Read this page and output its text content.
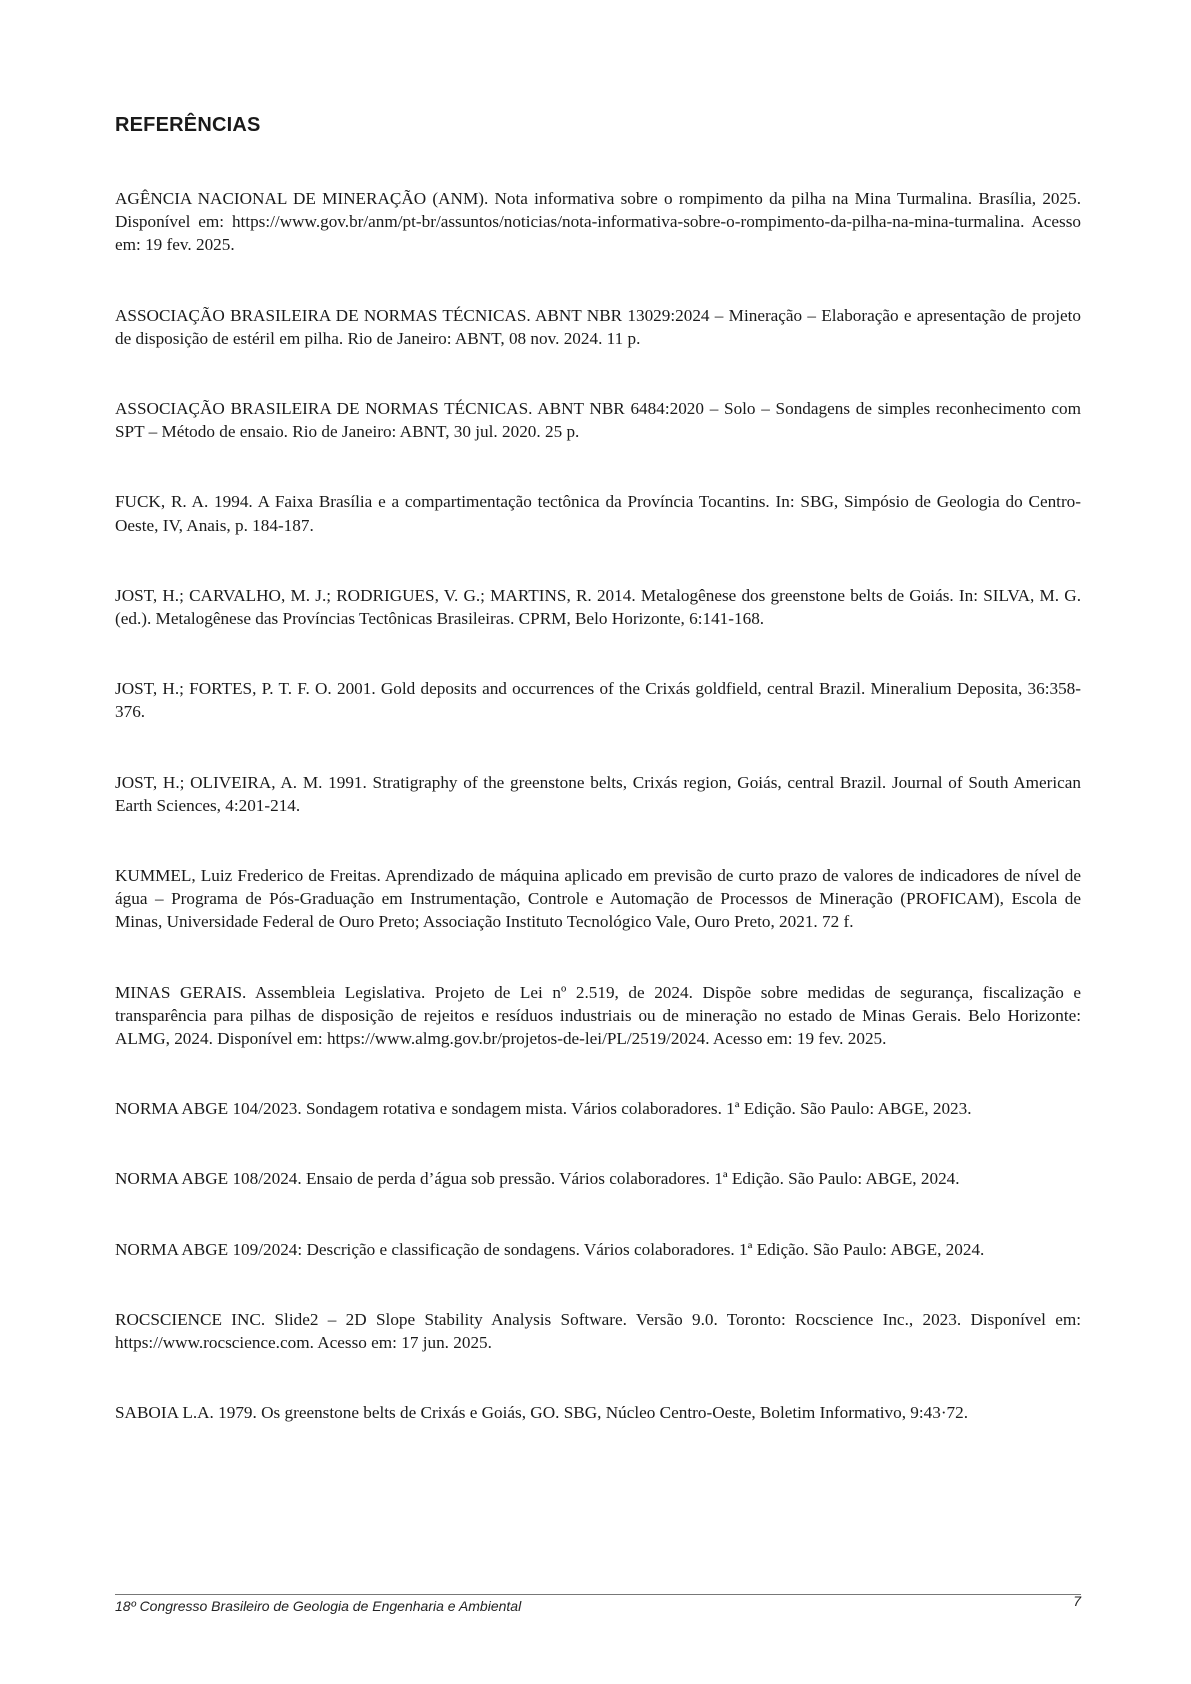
REFERÊNCIAS
AGÊNCIA NACIONAL DE MINERAÇÃO (ANM). Nota informativa sobre o rompimento da pilha na Mina Turmalina. Brasília, 2025. Disponível em: https://www.gov.br/anm/pt-br/assuntos/noticias/nota-informativa-sobre-o-rompimento-da-pilha-na-mina-turmalina. Acesso em: 19 fev. 2025.
ASSOCIAÇÃO BRASILEIRA DE NORMAS TÉCNICAS. ABNT NBR 13029:2024 – Mineração – Elaboração e apresentação de projeto de disposição de estéril em pilha. Rio de Janeiro: ABNT, 08 nov. 2024. 11 p.
ASSOCIAÇÃO BRASILEIRA DE NORMAS TÉCNICAS. ABNT NBR 6484:2020 – Solo – Sondagens de simples reconhecimento com SPT – Método de ensaio. Rio de Janeiro: ABNT, 30 jul. 2020. 25 p.
FUCK, R. A. 1994. A Faixa Brasília e a compartimentação tectônica da Província Tocantins. In: SBG, Simpósio de Geologia do Centro-Oeste, IV, Anais, p. 184-187.
JOST, H.; CARVALHO, M. J.; RODRIGUES, V. G.; MARTINS, R. 2014. Metalogênese dos greenstone belts de Goiás. In: SILVA, M. G. (ed.). Metalogênese das Províncias Tectônicas Brasileiras. CPRM, Belo Horizonte, 6:141-168.
JOST, H.; FORTES, P. T. F. O. 2001. Gold deposits and occurrences of the Crixás goldfield, central Brazil. Mineralium Deposita, 36:358-376.
JOST, H.; OLIVEIRA, A. M. 1991. Stratigraphy of the greenstone belts, Crixás region, Goiás, central Brazil. Journal of South American Earth Sciences, 4:201-214.
KUMMEL, Luiz Frederico de Freitas. Aprendizado de máquina aplicado em previsão de curto prazo de valores de indicadores de nível de água – Programa de Pós-Graduação em Instrumentação, Controle e Automação de Processos de Mineração (PROFICAM), Escola de Minas, Universidade Federal de Ouro Preto; Associação Instituto Tecnológico Vale, Ouro Preto, 2021. 72 f.
MINAS GERAIS. Assembleia Legislativa. Projeto de Lei nº 2.519, de 2024. Dispõe sobre medidas de segurança, fiscalização e transparência para pilhas de disposição de rejeitos e resíduos industriais ou de mineração no estado de Minas Gerais. Belo Horizonte: ALMG, 2024. Disponível em: https://www.almg.gov.br/projetos-de-lei/PL/2519/2024. Acesso em: 19 fev. 2025.
NORMA ABGE 104/2023. Sondagem rotativa e sondagem mista. Vários colaboradores. 1ª Edição. São Paulo: ABGE, 2023.
NORMA ABGE 108/2024. Ensaio de perda d’água sob pressão. Vários colaboradores. 1ª Edição. São Paulo: ABGE, 2024.
NORMA ABGE 109/2024: Descrição e classificação de sondagens. Vários colaboradores. 1ª Edição. São Paulo: ABGE, 2024.
ROCSCIENCE INC. Slide2 – 2D Slope Stability Analysis Software. Versão 9.0. Toronto: Rocscience Inc., 2023. Disponível em: https://www.rocscience.com. Acesso em: 17 jun. 2025.
SABOIA L.A. 1979. Os greenstone belts de Crixás e Goiás, GO. SBG, Núcleo Centro-Oeste, Boletim Informativo, 9:43·72.
18º Congresso Brasileiro de Geologia de Engenharia e Ambiental	7
